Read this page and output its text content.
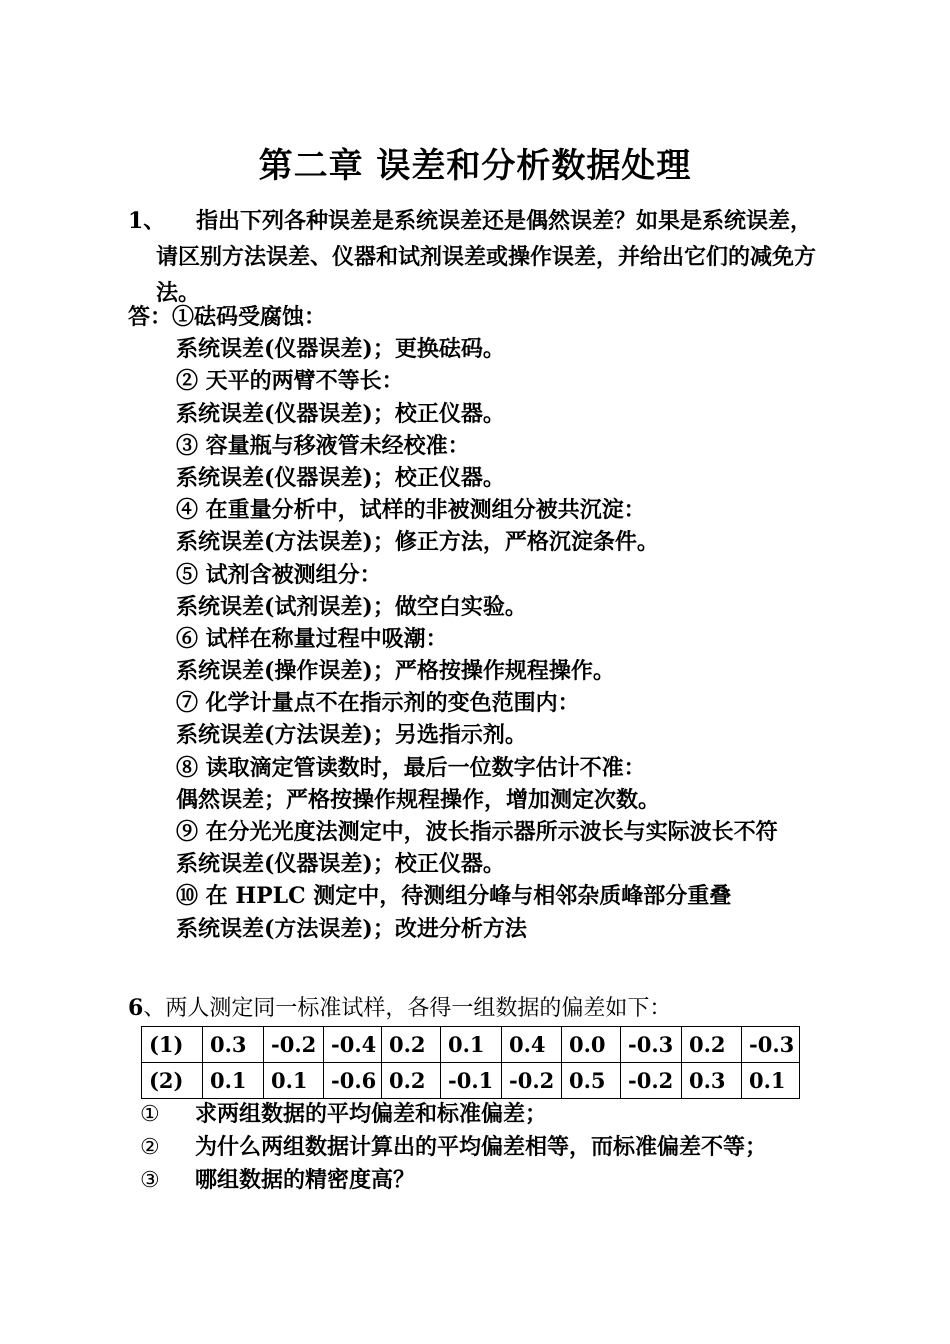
第二章 误差和分析数据处理
1、	指出下列各种误差是系统误差还是偶然误差？如果是系统误差，请区别方法误差、仪器和试剂误差或操作误差，并给出它们的减免方法。
答：①砝码受腐蚀：
系统误差(仪器误差)；更换砝码。
② 天平的两臂不等长：
系统误差(仪器误差)；校正仪器。
③ 容量瓶与移液管未经校准：
系统误差(仪器误差)；校正仪器。
④ 在重量分析中，试样的非被测组分被共沉淀：
系统误差(方法误差)；修正方法，严格沉淀条件。
⑤ 试剂含被测组分：
系统误差(试剂误差)；做空白实验。
⑥ 试样在称量过程中吸潮：
系统误差(操作误差)；严格按操作规程操作。
⑦ 化学计量点不在指示剂的变色范围内：
系统误差(方法误差)；另选指示剂。
⑧ 读取滴定管读数时，最后一位数字估计不准：
偶然误差；严格按操作规程操作，增加测定次数。
⑨ 在分光光度法测定中，波长指示器所示波长与实际波长不符
系统误差(仪器误差)；校正仪器。
⑩ 在 HPLC 测定中，待测组分峰与相邻杂质峰部分重叠
系统误差(方法误差)；改进分析方法
6、两人测定同一标准试样，各得一组数据的偏差如下：
(1)	0.3	-0.2	-0.4	0.2	0.1	0.4	0.0	-0.3	0.2	-0.3
(2)	0.1	0.1	-0.6	0.2	-0.1	-0.2	0.5	-0.2	0.3	0.1
①	求两组数据的平均偏差和标准偏差；
②	为什么两组数据计算出的平均偏差相等，而标准偏差不等；
③	哪组数据的精密度高？
